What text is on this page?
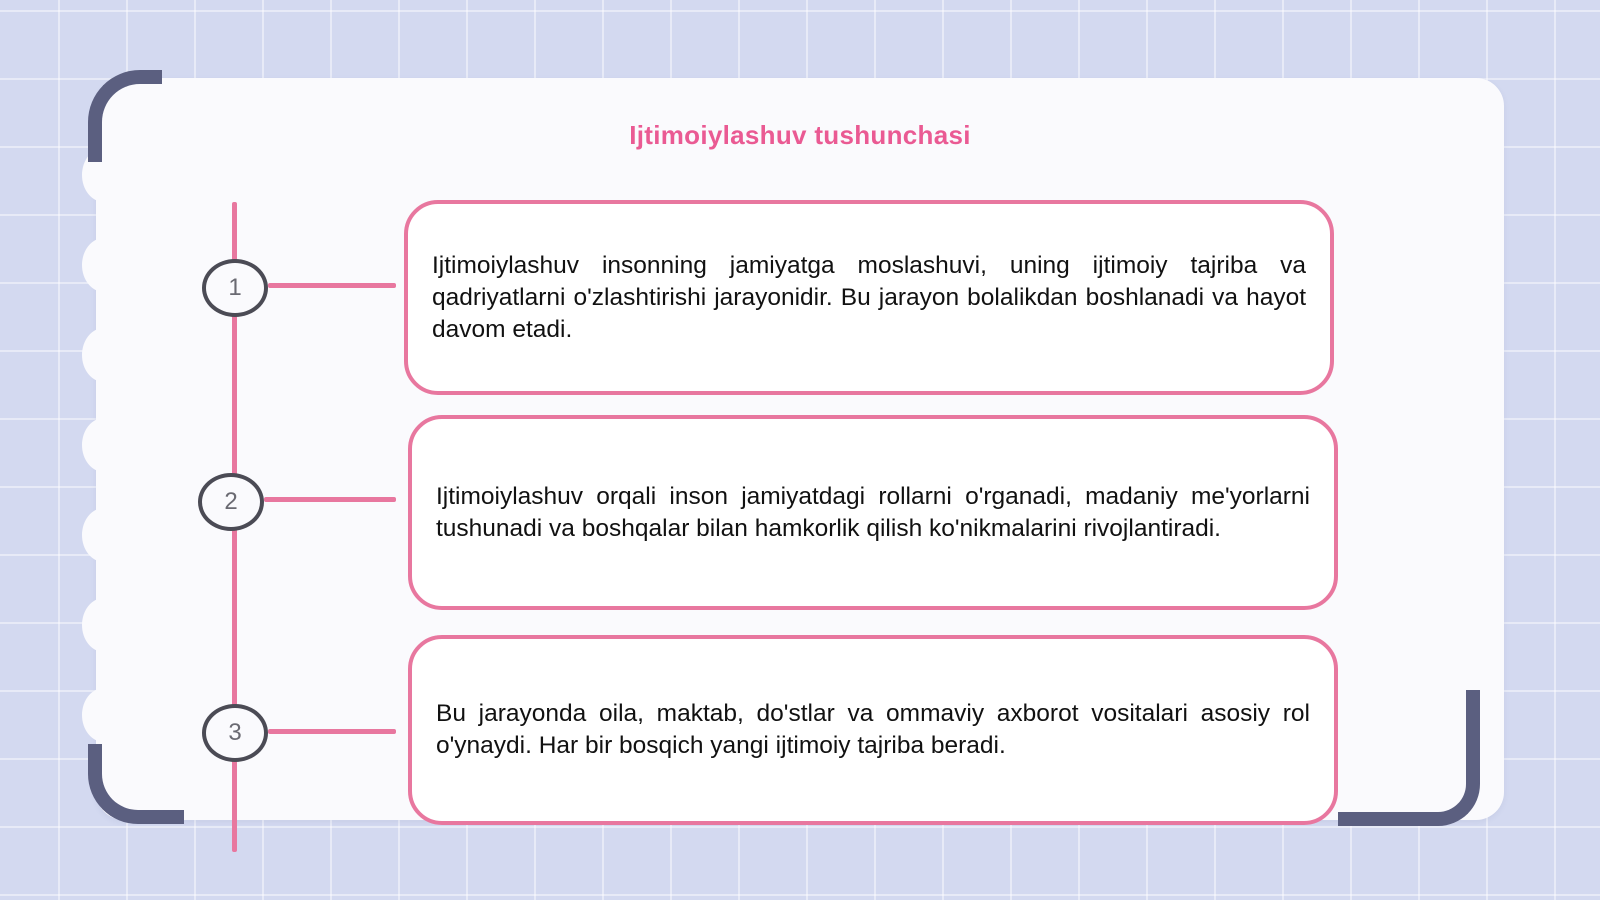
Ijtimoiylashuv tushunchasi
1

Ijtimoiylashuv insonning jamiyatga moslashuvi, uning ijtimoiy tajriba va qadriyatlarni o'zlashtirishi jarayonidir. Bu jarayon bolalikdan boshlanadi va hayot davom etadi.

2	Ijtimoiylashuv orqali inson jamiyatdagi rollarni o'rganadi, madaniy me'yorlarni tushunadi va boshqalar bilan hamkorlik qilish ko'nikmalarini rivojlantiradi.

3

Bu jarayonda oila, maktab, do'stlar va ommaviy axborot vositalari asosiy rol o'ynaydi. Har bir bosqich yangi ijtimoiy tajriba beradi.
